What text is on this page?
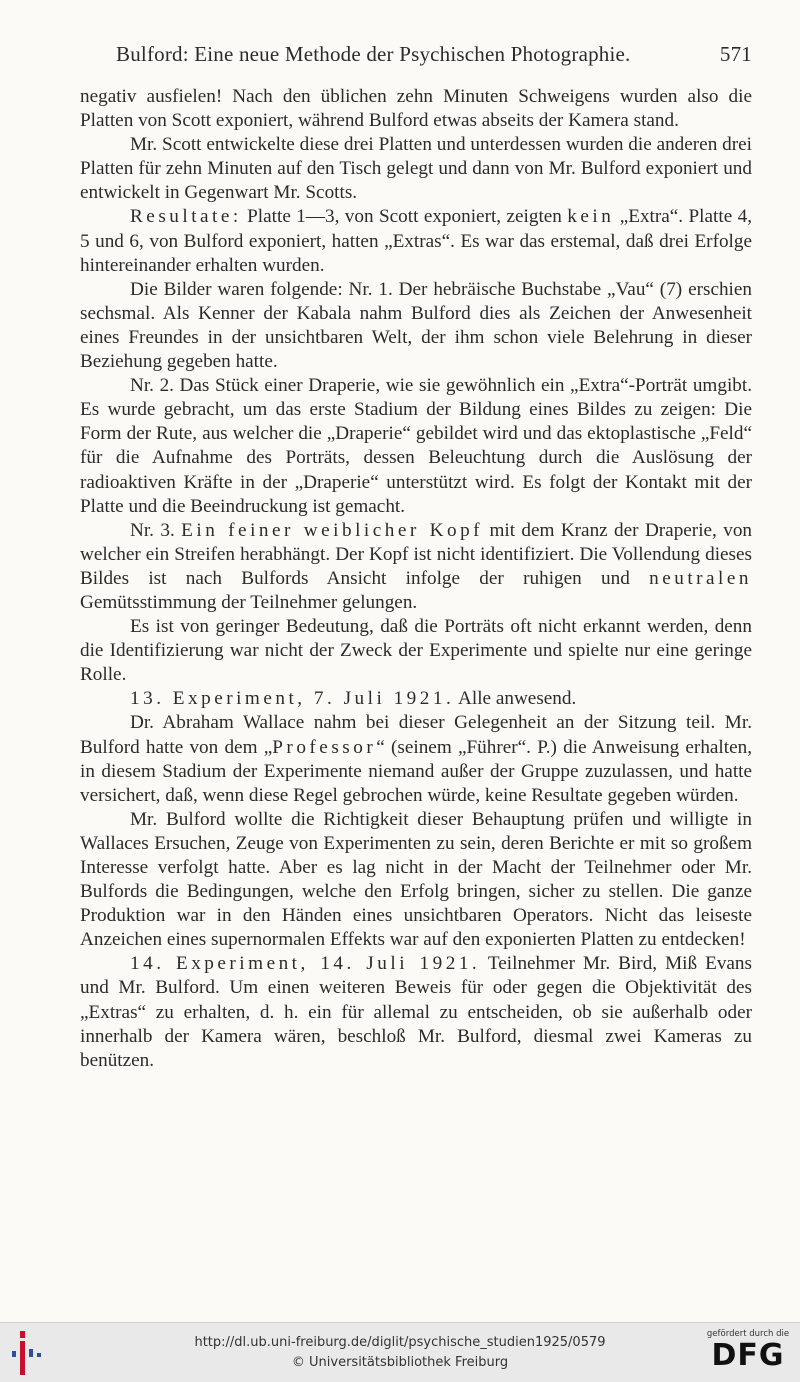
Bulford: Eine neue Methode der Psychischen Photographie.	571

negativ ausfielen! Nach den üblichen zehn Minuten Schweigens wurden also die Platten von Scott exponiert, während Bulford etwas abseits der Kamera stand.

Mr. Scott entwickelte diese drei Platten und unterdessen wurden die anderen drei Platten für zehn Minuten auf den Tisch gelegt und dann von Mr. Bulford exponiert und entwickelt in Gegenwart Mr. Scotts.

Resultate: Platte 1—3, von Scott exponiert, zeigten kein „Extra“. Platte 4, 5 und 6, von Bulford exponiert, hatten „Extras“. Es war das erstemal, daß drei Erfolge hintereinander erhalten wurden.

Die Bilder waren folgende: Nr. 1. Der hebräische Buchstabe „Vau“ (7) erschien sechsmal. Als Kenner der Kabala nahm Bulford dies als Zeichen der Anwesenheit eines Freundes in der unsichtbaren Welt, der ihm schon viele Belehrung in dieser Beziehung gegeben hatte.

Nr. 2. Das Stück einer Draperie, wie sie gewöhnlich ein „Extra“-Porträt umgibt. Es wurde gebracht, um das erste Stadium der Bildung eines Bildes zu zeigen: Die Form der Rute, aus welcher die „Draperie“ gebildet wird und das ektoplastische „Feld“ für die Aufnahme des Porträts, dessen Beleuchtung durch die Auslösung der radioaktiven Kräfte in der „Draperie“ unterstützt wird. Es folgt der Kontakt mit der Platte und die Beeindruckung ist gemacht.

Nr. 3. Ein feiner weiblicher Kopf mit dem Kranz der Draperie, von welcher ein Streifen herabhängt. Der Kopf ist nicht identifiziert. Die Vollendung dieses Bildes ist nach Bulfords Ansicht infolge der ruhigen und neutralen Gemütsstimmung der Teilnehmer gelungen.

Es ist von geringer Bedeutung, daß die Porträts oft nicht erkannt werden, denn die Identifizierung war nicht der Zweck der Experimente und spielte nur eine geringe Rolle.

13. Experiment, 7. Juli 1921. Alle anwesend.

Dr. Abraham Wallace nahm bei dieser Gelegenheit an der Sitzung teil. Mr. Bulford hatte von dem „Professor“ (seinem „Führer“. P.) die Anweisung erhalten, in diesem Stadium der Experimente niemand außer der Gruppe zuzulassen, und hatte versichert, daß, wenn diese Regel gebrochen würde, keine Resultate gegeben würden.

Mr. Bulford wollte die Richtigkeit dieser Behauptung prüfen und willigte in Wallaces Ersuchen, Zeuge von Experimenten zu sein, deren Berichte er mit so großem Interesse verfolgt hatte. Aber es lag nicht in der Macht der Teilnehmer oder Mr. Bulfords die Bedingungen, welche den Erfolg bringen, sicher zu stellen. Die ganze Produktion war in den Händen eines unsichtbaren Operators. Nicht das leiseste Anzeichen eines supernormalen Effekts war auf den exponierten Platten zu entdecken!

14. Experiment, 14. Juli 1921. Teilnehmer Mr. Bird, Miß Evans und Mr. Bulford. Um einen weiteren Beweis für oder gegen die Objektivität des „Extras“ zu erhalten, d. h. ein für allemal zu entscheiden, ob sie außerhalb oder innerhalb der Kamera wären, beschloß Mr. Bulford, diesmal zwei Kameras zu benützen.

http://dl.ub.uni-freiburg.de/diglit/psychische_studien1925/0579
© Universitätsbibliothek Freiburg
gefördert durch die
DFG
